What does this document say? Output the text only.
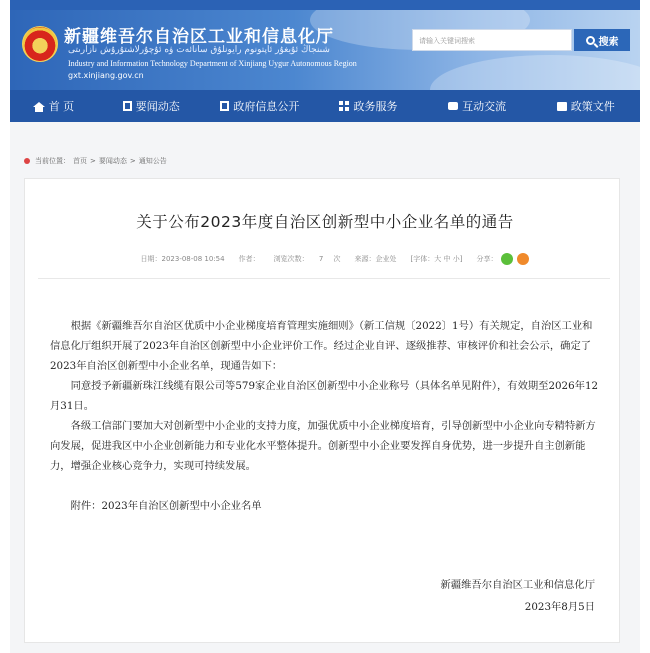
新疆维吾尔自治区工业和信息化厅
شىنجاڭ ئۇيغۇر ئاپتونوم رايونلۇق سانائەت ۋە ئۇچۇرلاشتۇرۇش نازارىتى
Industry and Information Technology Department of Xinjiang Uygur Autonomous Region
gxt.xinjiang.gov.cn
请输入关键词搜索	搜索
首 页	要闻动态	政府信息公开	政务服务	互动交流	政策文件
当前位置： 首页 > 要闻动态 > 通知公告
关于公布2023年度自治区创新型中小企业名单的通告
日期：2023-08-08 10:54 作者： 浏览次数： 7 次 来源：企业处 [字体：大 中 小] 分享：

根据《新疆维吾尔自治区优质中小企业梯度培育管理实施细则》（新工信规〔2022〕1号）有关规定，自治区工业和信息化厅组织开展了2023年自治区创新型中小企业评价工作。经过企业自评、逐级推荐、审核评价和社会公示，确定了2023年自治区创新型中小企业名单，现通告如下：

同意授予新疆新珠江线缆有限公司等579家企业自治区创新型中小企业称号（具体名单见附件），有效期至2026年12月31日。

各级工信部门要加大对创新型中小企业的支持力度，加强优质中小企业梯度培育，引导创新型中小企业向专精特新方向发展，促进我区中小企业创新能力和专业化水平整体提升。创新型中小企业要发挥自身优势，进一步提升自主创新能力，增强企业核心竞争力，实现可持续发展。

附件：2023年自治区创新型中小企业名单
新疆维吾尔自治区工业和信息化厅
2023年8月5日
